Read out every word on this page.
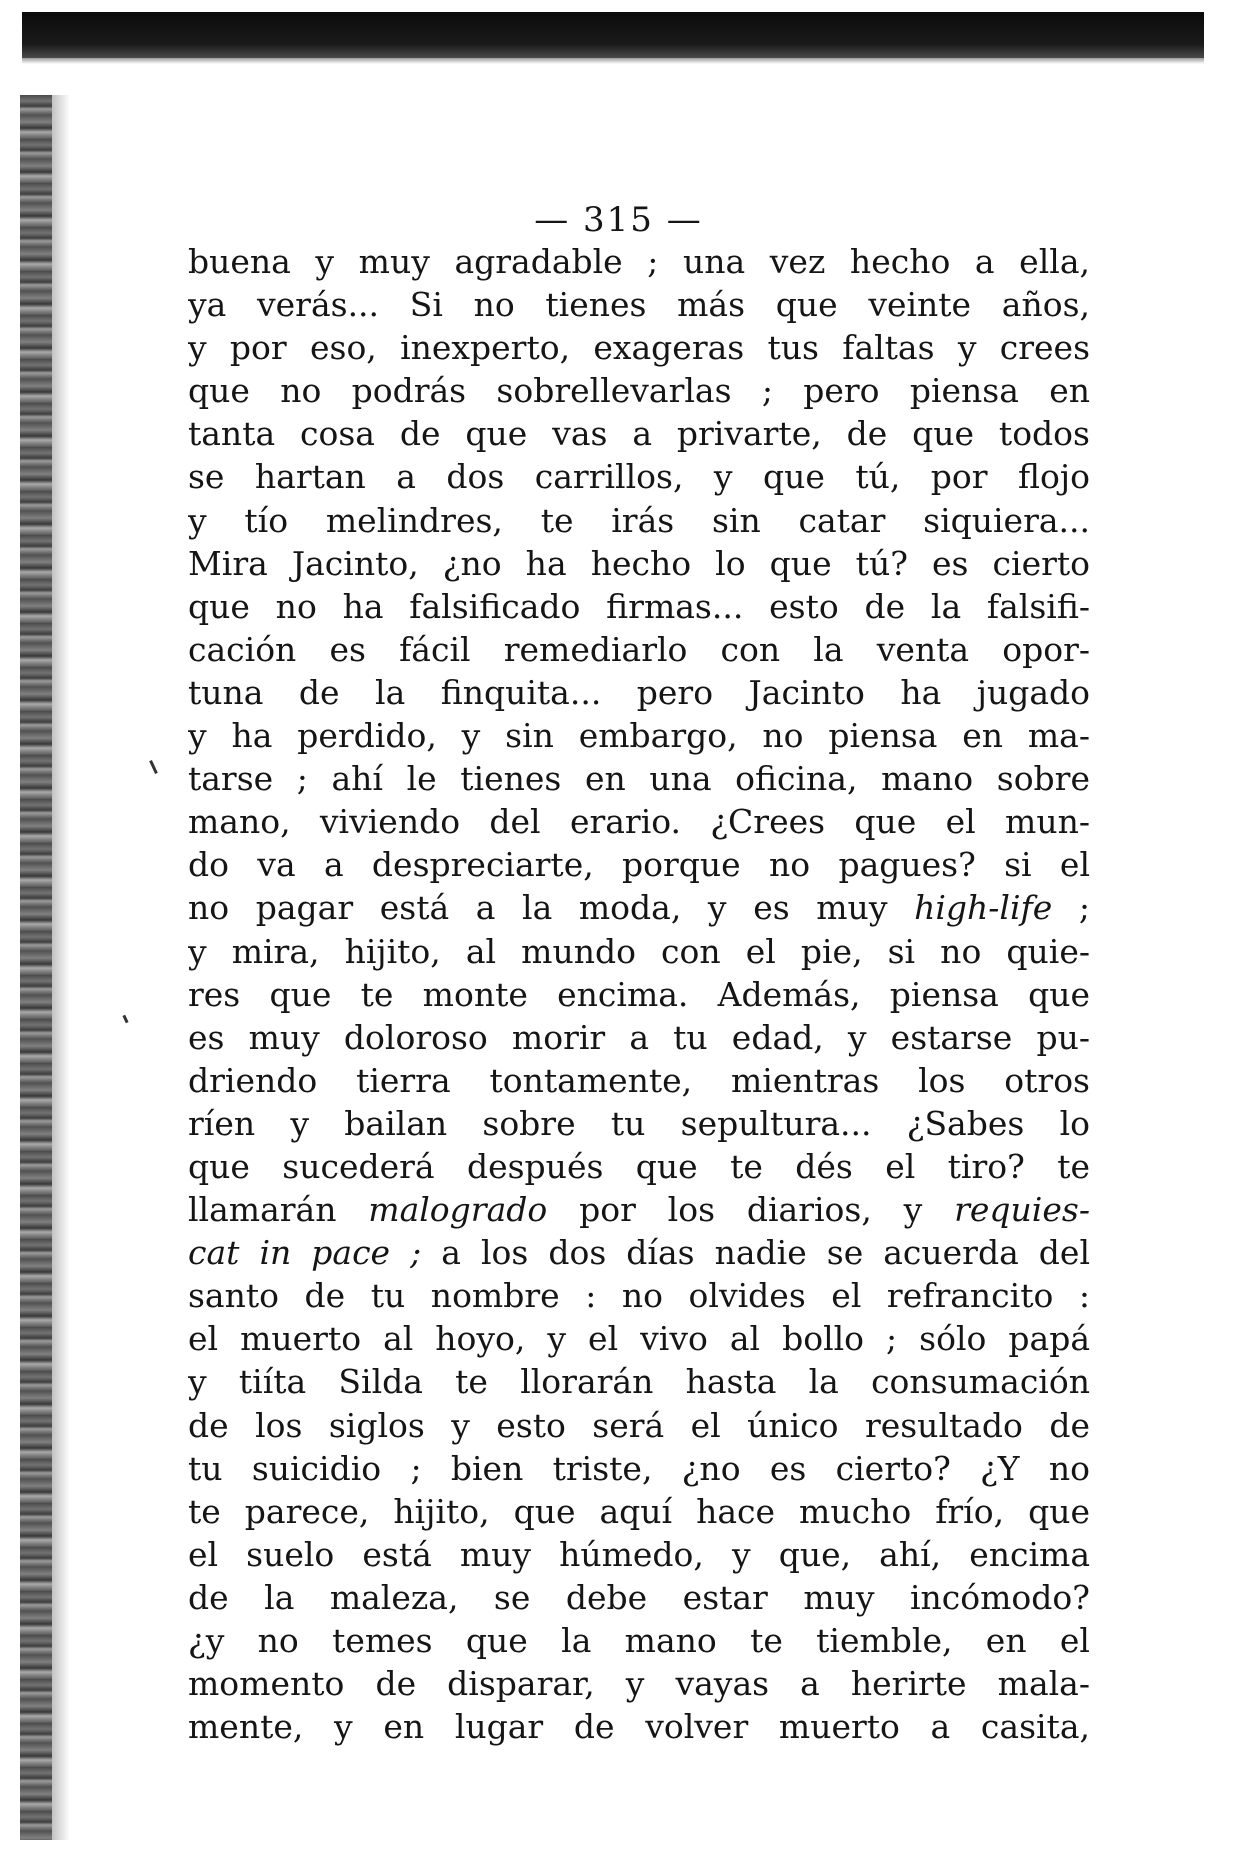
— 315 —
buena y muy agradable ; una vez hecho a ella,
ya verás... Si no tienes más que veinte años,
y por eso, inexperto, exageras tus faltas y crees
que no podrás sobrellevarlas ; pero piensa en
tanta cosa de que vas a privarte, de que todos
se hartan a dos carrillos, y que tú, por flojo
y tío melindres, te irás sin catar siquiera...
Mira Jacinto, ¿no ha hecho lo que tú? es cierto
que no ha falsificado firmas... esto de la falsifi-
cación es fácil remediarlo con la venta opor-
tuna de la finquita... pero Jacinto ha jugado
y ha perdido, y sin embargo, no piensa en ma-
tarse ; ahí le tienes en una oficina, mano sobre
mano, viviendo del erario. ¿Crees que el mun-
do va a despreciarte, porque no pagues? si el
no pagar está a la moda, y es muy high-life ;
y mira, hijito, al mundo con el pie, si no quie-
res que te monte encima. Además, piensa que
es muy doloroso morir a tu edad, y estarse pu-
driendo tierra tontamente, mientras los otros
ríen y bailan sobre tu sepultura... ¿Sabes lo
que sucederá después que te dés el tiro? te
llamarán malogrado por los diarios, y requies-
cat in pace ; a los dos días nadie se acuerda del
santo de tu nombre : no olvides el refrancito :
el muerto al hoyo, y el vivo al bollo ; sólo papá
y tiíta Silda te llorarán hasta la consumación
de los siglos y esto será el único resultado de
tu suicidio ; bien triste, ¿no es cierto? ¿Y no
te parece, hijito, que aquí hace mucho frío, que
el suelo está muy húmedo, y que, ahí, encima
de la maleza, se debe estar muy incómodo?
¿y no temes que la mano te tiemble, en el
momento de disparar, y vayas a herirte mala-
mente, y en lugar de volver muerto a casita,
